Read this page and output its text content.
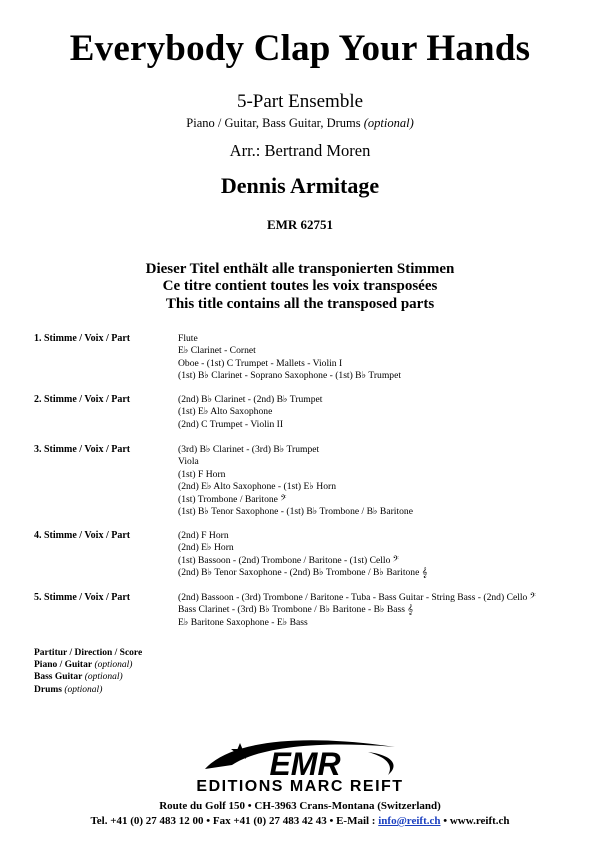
Everybody Clap Your Hands
5-Part Ensemble
Piano / Guitar, Bass Guitar, Drums (optional)
Arr.: Bertrand Moren
Dennis Armitage
EMR 62751
Dieser Titel enthält alle transponierten Stimmen
Ce titre contient toutes les voix transposées
This title contains all the transposed parts
1. Stimme / Voix / Part	Flute
E♭ Clarinet - Cornet
Oboe - (1st) C Trumpet - Mallets - Violin I
(1st) B♭ Clarinet - Soprano Saxophone - (1st) B♭ Trumpet
2. Stimme / Voix / Part	(2nd) B♭ Clarinet - (2nd) B♭ Trumpet
(1st) E♭ Alto Saxophone
(2nd) C Trumpet - Violin II
3. Stimme / Voix / Part	(3rd) B♭ Clarinet - (3rd) B♭ Trumpet
Viola
(1st) F Horn
(2nd) E♭ Alto Saxophone - (1st) E♭ Horn
(1st) Trombone / Baritone 𝄢
(1st) B♭ Tenor Saxophone - (1st) B♭ Trombone / B♭ Baritone
4. Stimme / Voix / Part	(2nd) F Horn
(2nd) E♭ Horn
(1st) Bassoon - (2nd) Trombone / Baritone - (1st) Cello 𝄢
(2nd) B♭ Tenor Saxophone - (2nd) B♭ Trombone / B♭ Baritone 𝄞
5. Stimme / Voix / Part	(2nd) Bassoon - (3rd) Trombone / Baritone - Tuba - Bass Guitar - String Bass - (2nd) Cello 𝄢
Bass Clarinet - (3rd) B♭ Trombone / B♭ Baritone - B♭ Bass 𝄞
E♭ Baritone Saxophone - E♭ Bass
Partitur / Direction / Score
Piano / Guitar (optional)
Bass Guitar (optional)
Drums (optional)
EMR
EDITIONS MARC REIFT
Route du Golf 150 • CH-3963 Crans-Montana (Switzerland)
Tel. +41 (0) 27 483 12 00 • Fax +41 (0) 27 483 42 43 • E-Mail : info@reift.ch • www.reift.ch
